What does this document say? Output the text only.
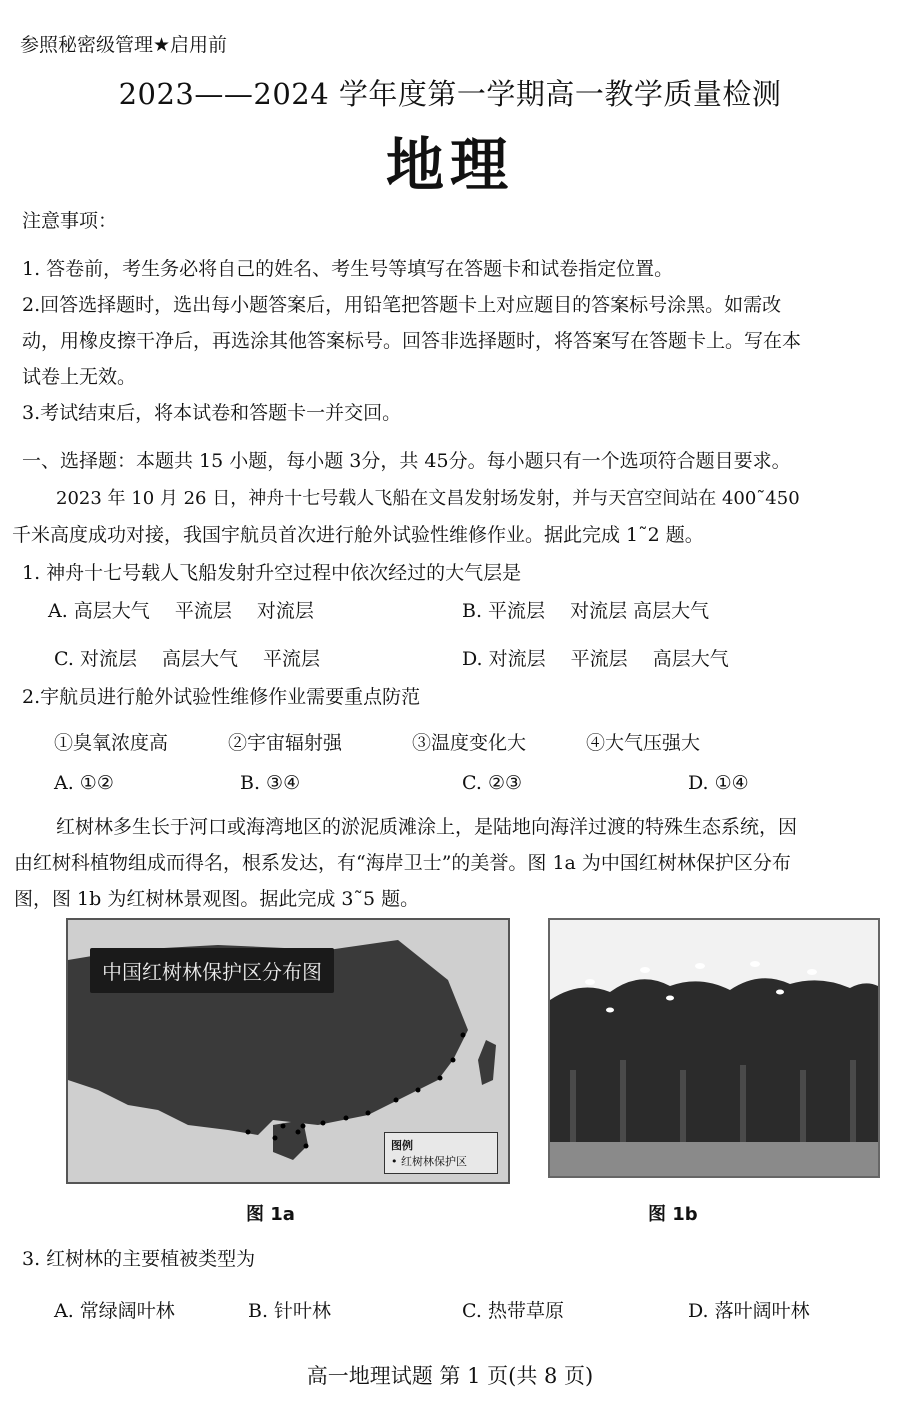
参照秘密级管理★启用前
2023——2024 学年度第一学期高一教学质量检测
地理
注意事项：
1. 答卷前，考生务必将自己的姓名、考生号等填写在答题卡和试卷指定位置。
2.回答选择题时，选出每小题答案后，用铅笔把答题卡上对应题目的答案标号涂黑。如需改
动，用橡皮擦干净后，再选涂其他答案标号。回答非选择题时，将答案写在答题卡上。写在本
试卷上无效。
3.考试结束后，将本试卷和答题卡一并交回。
一、选择题：本题共 15 小题，每小题 3分，共 45分。每小题只有一个选项符合题目要求。
2023 年 10 月 26 日，神舟十七号载人飞船在文昌发射场发射，并与天宫空间站在 400˜450
千米高度成功对接，我国宇航员首次进行舱外试验性维修作业。据此完成 1˜2 题。
1. 神舟十七号载人飞船发射升空过程中依次经过的大气层是
A. 高层大气　 平流层　 对流层	B. 平流层　 对流层 高层大气
C. 对流层　 高层大气　 平流层	D. 对流层　 平流层　 高层大气
2.宇航员进行舱外试验性维修作业需要重点防范
①臭氧浓度高	②宇宙辐射强	③温度变化大	④大气压强大
A. ①②	B. ③④	C. ②③	D. ①④
红树林多生长于河口或海湾地区的淤泥质滩涂上，是陆地向海洋过渡的特殊生态系统，因
由红树科植物组成而得名，根系发达，有“海岸卫士”的美誉。图 1a 为中国红树林保护区分布
图，图 1b 为红树林景观图。据此完成 3˜5 题。
中国红树林保护区分布图
图例
• 红树林保护区
图 1a	图 1b
3. 红树林的主要植被类型为
A. 常绿阔叶林	B. 针叶林	C. 热带草原	D. 落叶阔叶林
高一地理试题 第 1 页(共 8 页)
